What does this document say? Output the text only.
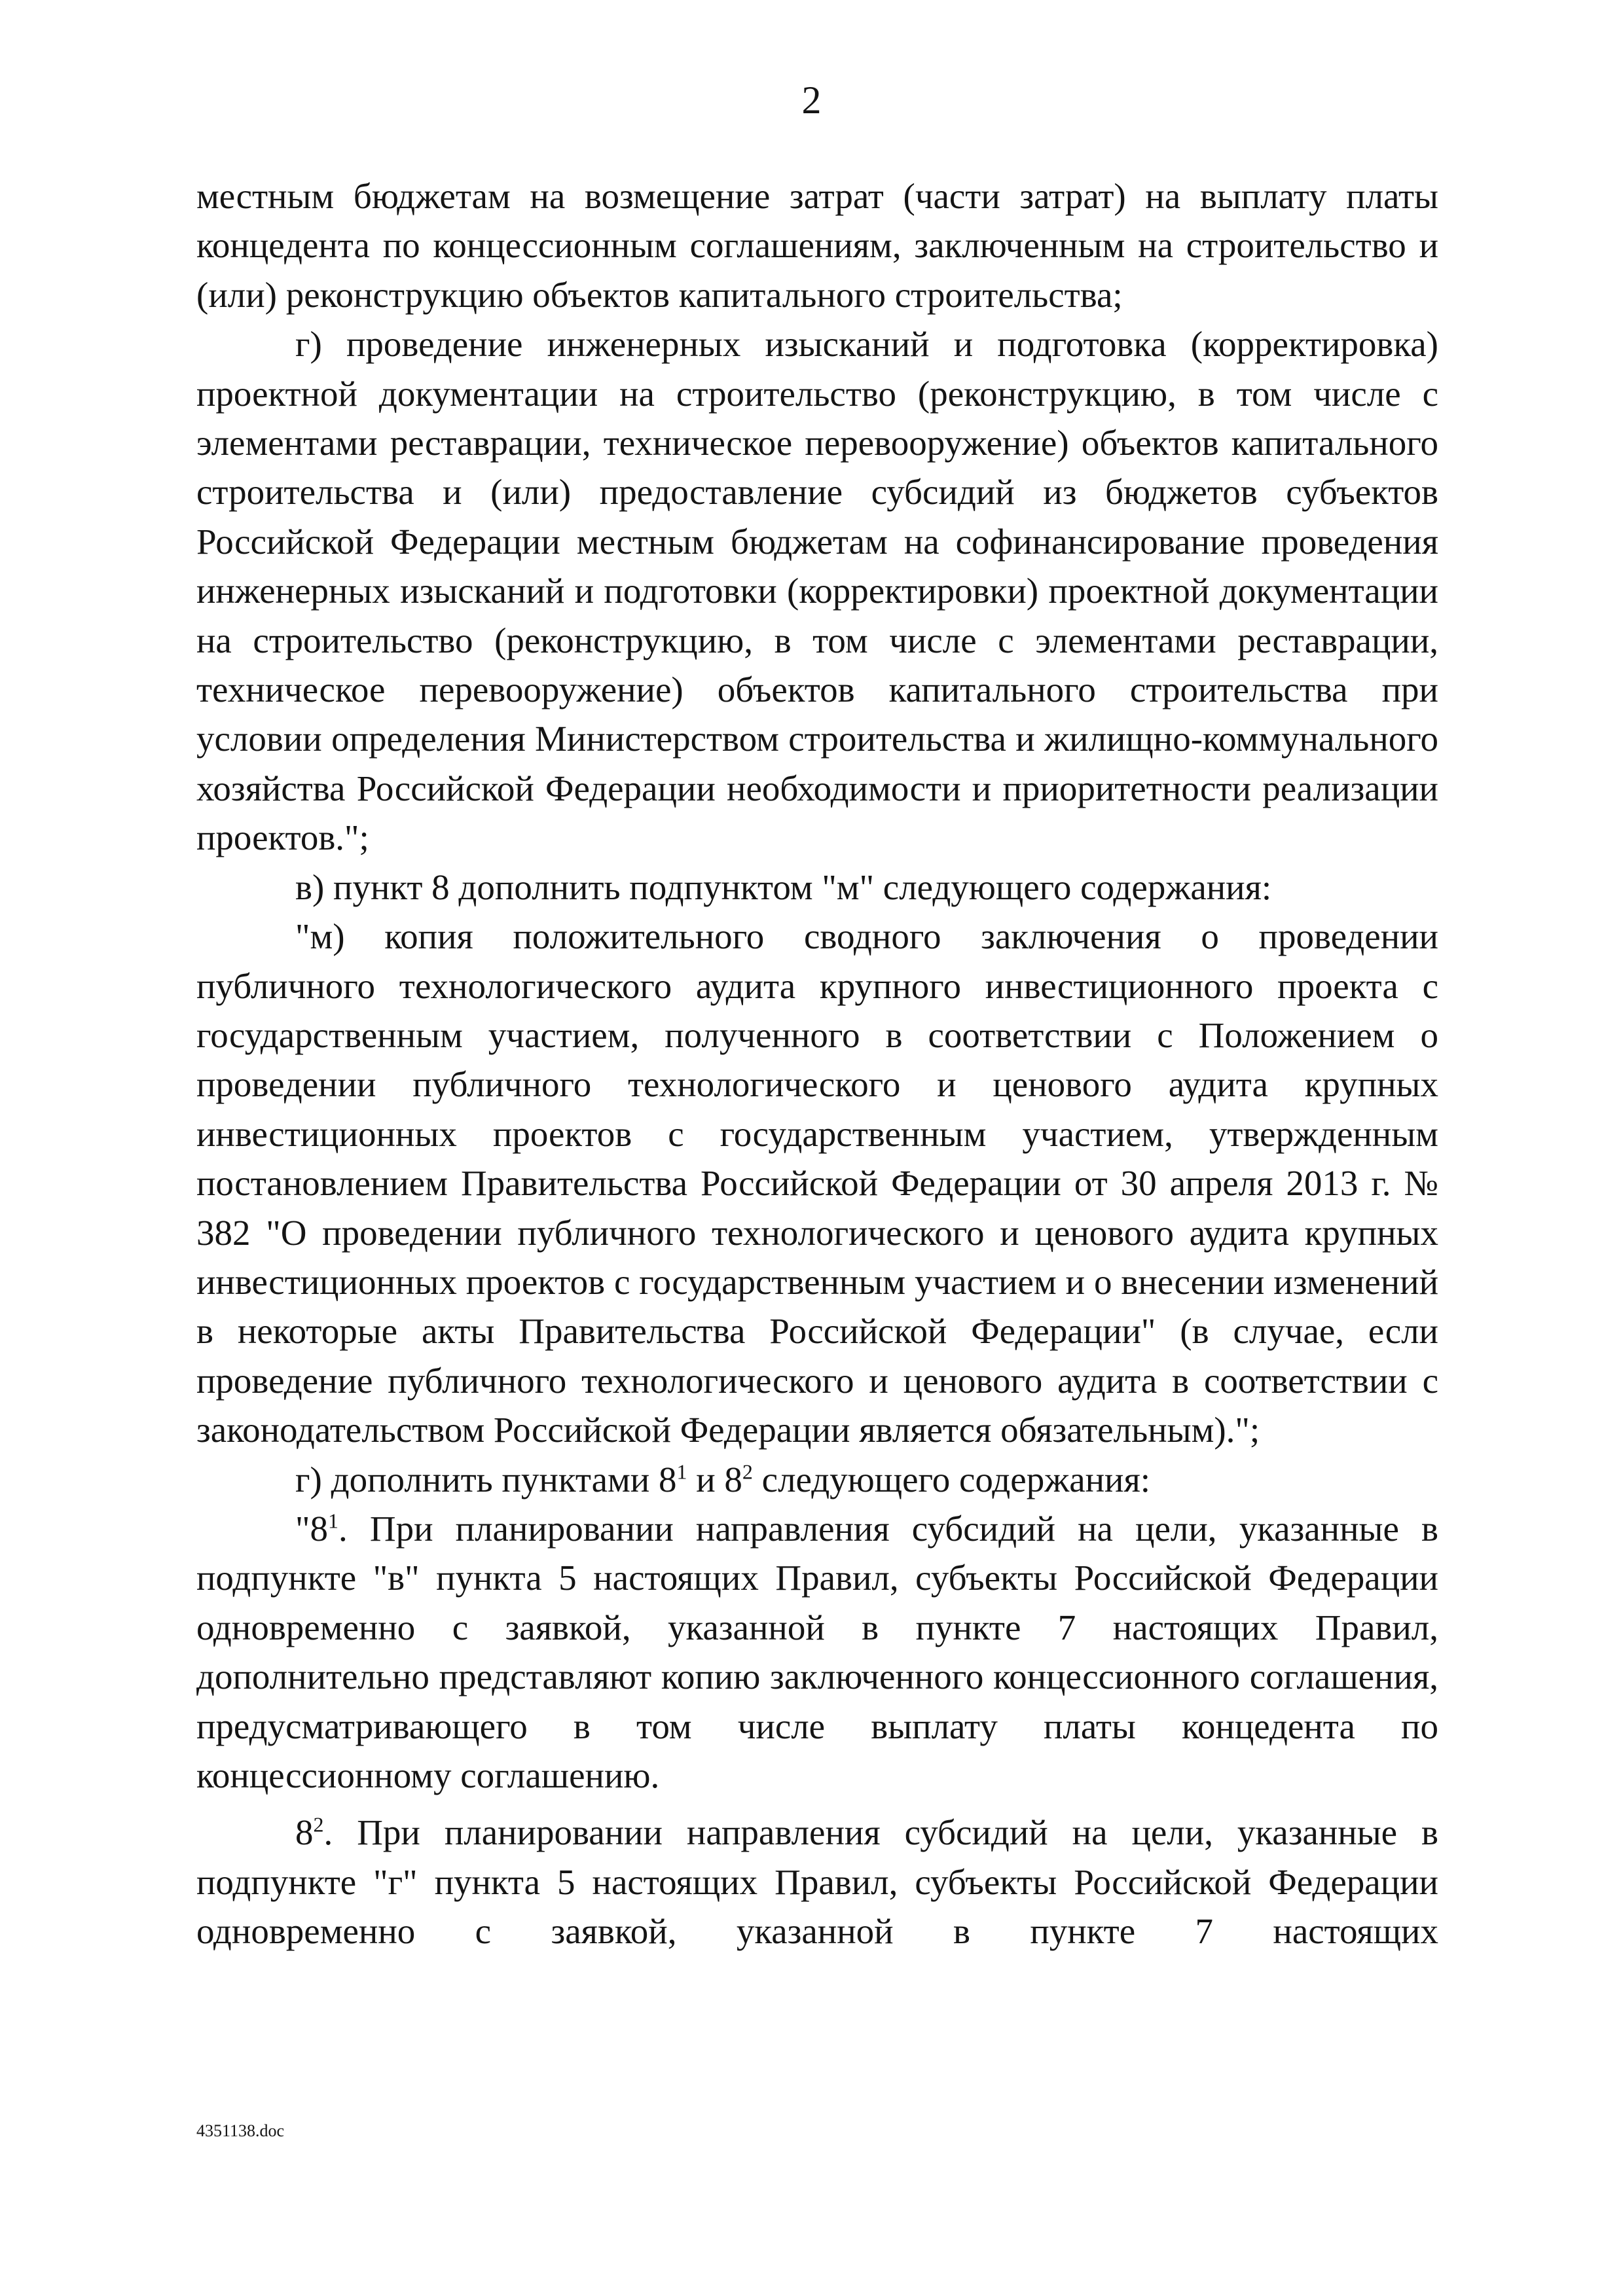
2

местным бюджетам на возмещение затрат (части затрат) на выплату платы концедента по концессионным соглашениям, заключенным на строительство и (или) реконструкцию объектов капитального строительства;

г) проведение инженерных изысканий и подготовка (корректировка) проектной документации на строительство (реконструкцию, в том числе с элементами реставрации, техническое перевооружение) объектов капитального строительства и (или) предоставление субсидий из бюджетов субъектов Российской Федерации местным бюджетам на софинансирование проведения инженерных изысканий и подготовки (корректировки) проектной документации на строительство (реконструкцию, в том числе с элементами реставрации, техническое перевооружение) объектов капитального строительства при условии определения Министерством строительства и жилищно-коммунального хозяйства Российской Федерации необходимости и приоритетности реализации проектов.";

в) пункт 8 дополнить подпунктом "м" следующего содержания:

"м) копия положительного сводного заключения о проведении публичного технологического аудита крупного инвестиционного проекта с государственным участием, полученного в соответствии с Положением о проведении публичного технологического и ценового аудита крупных инвестиционных проектов с государственным участием, утвержденным постановлением Правительства Российской Федерации от 30 апреля 2013 г. № 382 "О проведении публичного технологического и ценового аудита крупных инвестиционных проектов с государственным участием и о внесении изменений в некоторые акты Правительства Российской Федерации" (в случае, если проведение публичного технологического и ценового аудита в соответствии с законодательством Российской Федерации является обязательным).";

г) дополнить пунктами $8^1$ и $8^2$ следующего содержания:

"$8^1$. При планировании направления субсидий на цели, указанные в подпункте "в" пункта 5 настоящих Правил, субъекты Российской Федерации одновременно с заявкой, указанной в пункте 7 настоящих Правил, дополнительно представляют копию заключенного концессионного соглашения, предусматривающего в том числе выплату платы концедента по концессионному соглашению.

$8^2$. При планировании направления субсидий на цели, указанные в подпункте "г" пункта 5 настоящих Правил, субъекты Российской Федерации одновременно с заявкой, указанной в пункте 7 настоящих

4351138.doc
